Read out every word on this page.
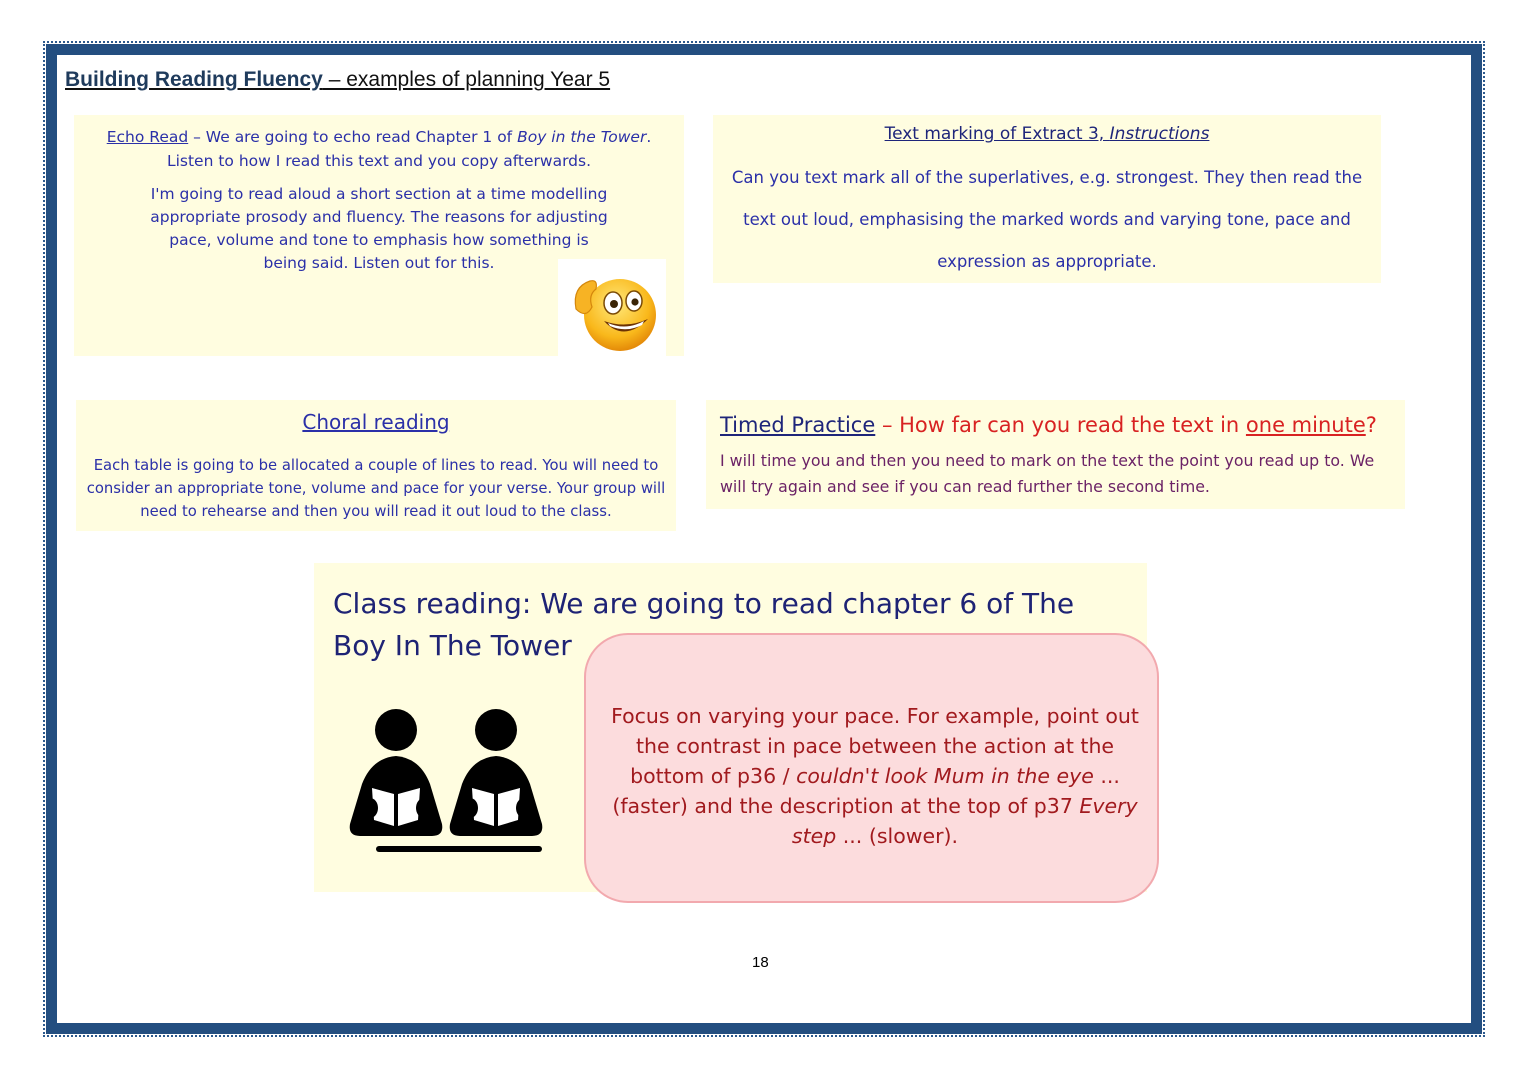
Building Reading Fluency – examples of planning Year 5
Echo Read – We are going to echo read Chapter 1 of Boy in the Tower. Listen to how I read this text and you copy afterwards.
I'm going to read aloud a short section at a time modelling appropriate prosody and fluency. The reasons for adjusting pace, volume and tone to emphasis how something is being said. Listen out for this.
Text marking of Extract 3, Instructions
Can you text mark all of the superlatives, e.g. strongest. They then read the text out loud, emphasising the marked words and varying tone, pace and expression as appropriate.
Choral reading
Each table is going to be allocated a couple of lines to read. You will need to consider an appropriate tone, volume and pace for your verse. Your group will need to rehearse and then you will read it out loud to the class.
Timed Practice – How far can you read the text in one minute?
I will time you and then you need to mark on the text the point you read up to. We will try again and see if you can read further the second time.
Class reading: We are going to read chapter 6 of The Boy In The Tower
Focus on varying your pace. For example, point out the contrast in pace between the action at the bottom of p36 / couldn't look Mum in the eye ... (faster) and the description at the top of p37 Every step ... (slower).
18
